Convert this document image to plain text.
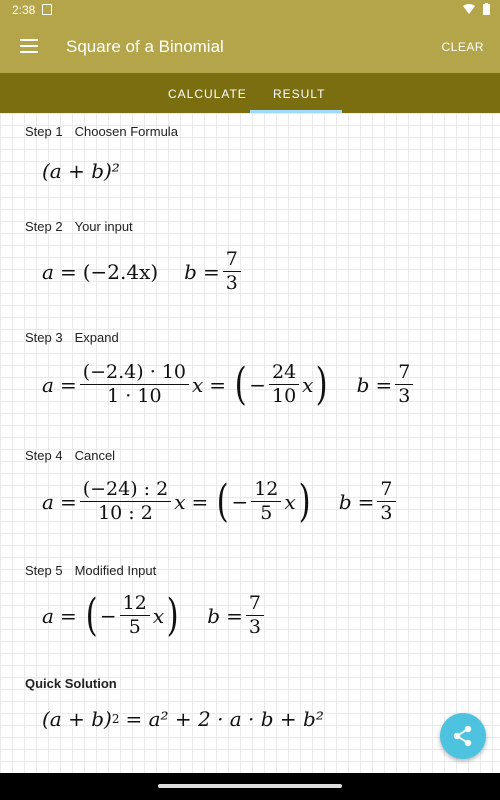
2:38
Square of a Binomial	CLEAR
CALCULATE RESULT
Step 1 Choosen Formula
(a + b)²
Step 2 Your input
a = (−2.4x) $b = \frac{7}{3}$
Step 3 Expand
$a = \frac{(-2.4) \cdot 10}{1 \cdot 10}$ x = ( − $\frac{24}{10}$ x ) $b = \frac{7}{3}$
Step 4 Cancel
$a = \frac{(-24) : 2}{10 : 2}$ x = ( − $\frac{12}{5}$ x ) $b = \frac{7}{3}$
Step 5 Modified Input
a = ( − $\frac{12}{5}$ x ) $b = \frac{7}{3}$
Quick Solution
(a + b) 2 = a² + 2 · a · b + b²
